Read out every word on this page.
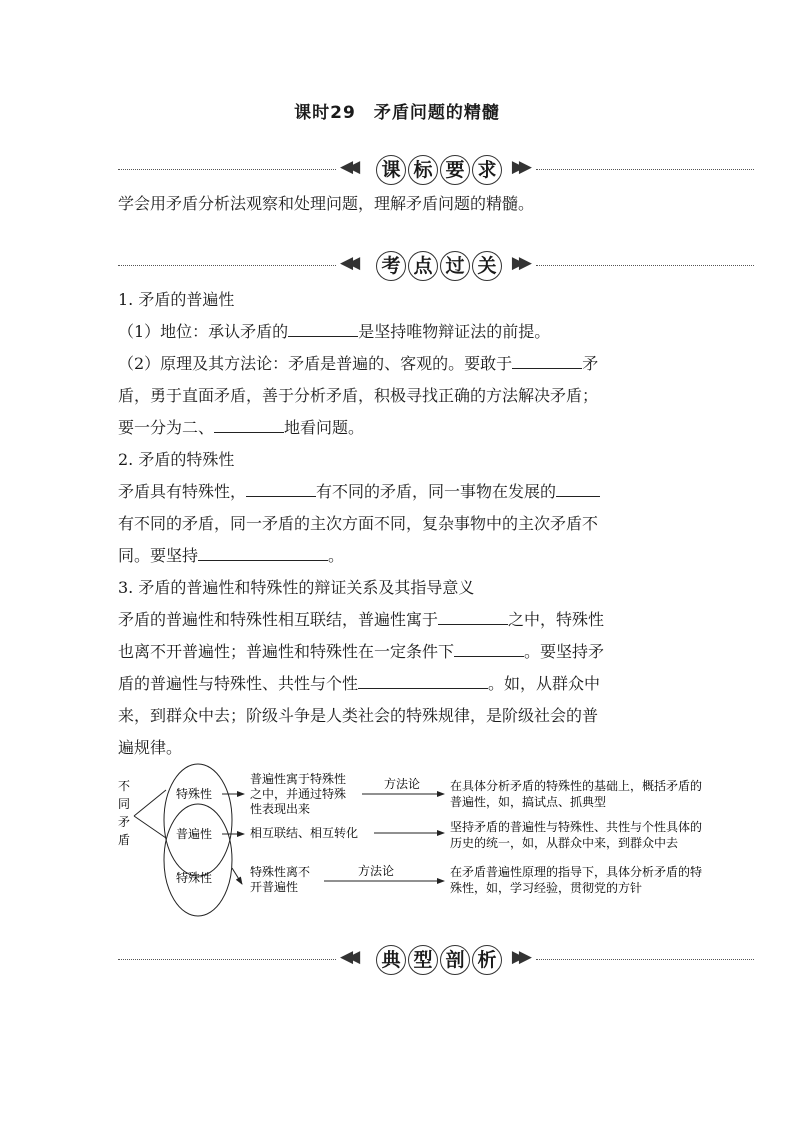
课时29　矛盾问题的精髓
◀◀ 课 标 要 求 ▶▶
学会用矛盾分析法观察和处理问题，理解矛盾问题的精髓。
◀◀ 考 点 过 关 ▶▶
1. 矛盾的普遍性
（1）地位：承认矛盾的	是坚持唯物辩证法的前提。
（2）原理及其方法论：矛盾是普遍的、客观的。要敢于	矛
盾，勇于直面矛盾，善于分析矛盾，积极寻找正确的方法解决矛盾；
要一分为二、	地看问题。
2. 矛盾的特殊性
矛盾具有特殊性，	有不同的矛盾，同一事物在发展的
有不同的矛盾，同一矛盾的主次方面不同，复杂事物中的主次矛盾不
同。要坚持	。
3. 矛盾的普遍性和特殊性的辩证关系及其指导意义
矛盾的普遍性和特殊性相互联结，普遍性寓于	之中，特殊性
也离不开普遍性；普遍性和特殊性在一定条件下	。要坚持矛
盾的普遍性与特殊性、共性与个性	。如，从群众中
来，到群众中去；阶级斗争是人类社会的特殊规律，是阶级社会的普
遍规律。
不
同
矛
盾
特殊性
普遍性
特殊性
普遍性寓于特殊性
之中，并通过特殊
性表现出来
相互联结、相互转化
特殊性离不
开普遍性
方法论
方法论
在具体分析矛盾的特殊性的基础上，概括矛盾的
普遍性，如，搞试点、抓典型
坚持矛盾的普遍性与特殊性、共性与个性具体的
历史的统一，如，从群众中来，到群众中去
在矛盾普遍性原理的指导下，具体分析矛盾的特
殊性，如，学习经验，贯彻党的方针
◀◀ 典 型 剖 析 ▶▶
